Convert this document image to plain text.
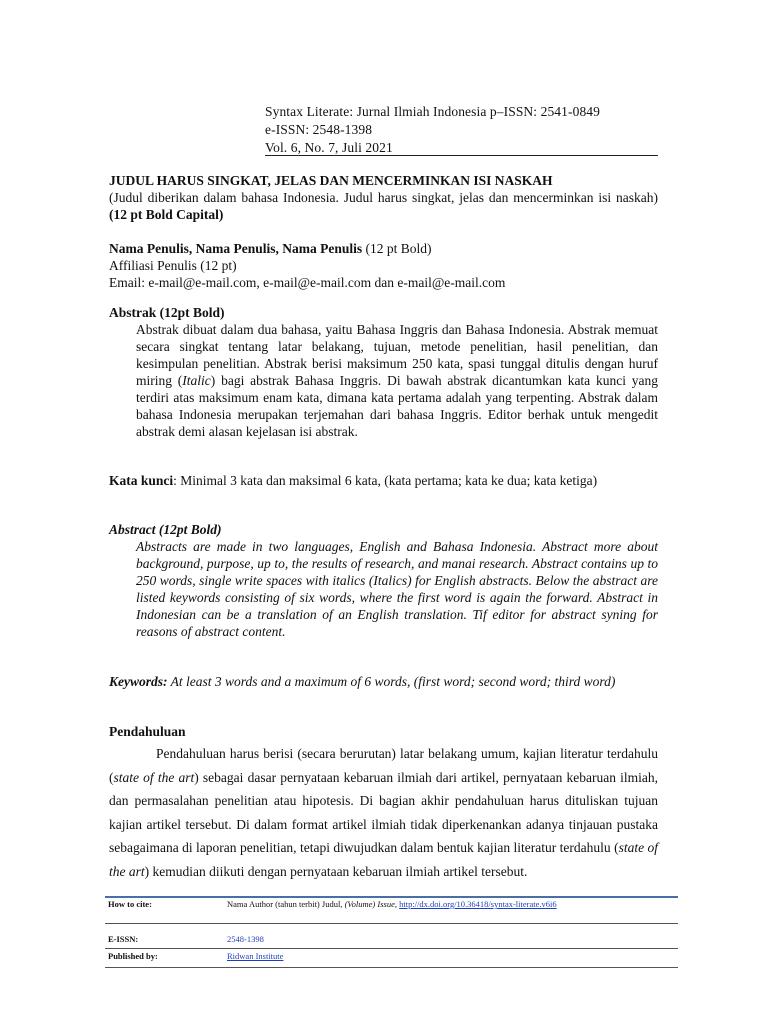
Syntax Literate: Jurnal Ilmiah Indonesia p–ISSN: 2541-0849
e-ISSN: 2548-1398
Vol. 6, No. 7, Juli 2021
JUDUL HARUS SINGKAT, JELAS DAN MENCERMINKAN ISI NASKAH
(Judul diberikan dalam bahasa Indonesia. Judul harus singkat, jelas dan mencerminkan isi naskah) (12 pt Bold Capital)
Nama Penulis, Nama Penulis, Nama Penulis (12 pt Bold)
Affiliasi Penulis (12 pt)
Email: e-mail@e-mail.com, e-mail@e-mail.com dan e-mail@e-mail.com
Abstrak (12pt Bold)
Abstrak dibuat dalam dua bahasa, yaitu Bahasa Inggris dan Bahasa Indonesia. Abstrak memuat secara singkat tentang latar belakang, tujuan, metode penelitian, hasil penelitian, dan kesimpulan penelitian. Abstrak berisi maksimum 250 kata, spasi tunggal ditulis dengan huruf miring (Italic) bagi abstrak Bahasa Inggris. Di bawah abstrak dicantumkan kata kunci yang terdiri atas maksimum enam kata, dimana kata pertama adalah yang terpenting. Abstrak dalam bahasa Indonesia merupakan terjemahan dari bahasa Inggris. Editor berhak untuk mengedit abstrak demi alasan kejelasan isi abstrak.
Kata kunci: Minimal 3 kata dan maksimal 6 kata, (kata pertama; kata ke dua; kata ketiga)
Abstract (12pt Bold)
Abstracts are made in two languages, English and Bahasa Indonesia. Abstract more about background, purpose, up to, the results of research, and manai research. Abstract contains up to 250 words, single write spaces with italics (Italics) for English abstracts. Below the abstract are listed keywords consisting of six words, where the first word is again the forward. Abstract in Indonesian can be a translation of an English translation. Tif editor for abstract syning for reasons of abstract content.
Keywords: At least 3 words and a maximum of 6 words, (first word; second word; third word)
Pendahuluan
Pendahuluan harus berisi (secara berurutan) latar belakang umum, kajian literatur terdahulu (state of the art) sebagai dasar pernyataan kebaruan ilmiah dari artikel, pernyataan kebaruan ilmiah, dan permasalahan penelitian atau hipotesis. Di bagian akhir pendahuluan harus dituliskan tujuan kajian artikel tersebut. Di dalam format artikel ilmiah tidak diperkenankan adanya tinjauan pustaka sebagaimana di laporan penelitian, tetapi diwujudkan dalam bentuk kajian literatur terdahulu (state of the art) kemudian diikuti dengan pernyataan kebaruan ilmiah artikel tersebut.
How to cite:	Nama Author (tahun terbit) Judul, (Volume) Issue, http://dx.doi.org/10.36418/syntax-literate.v6i6
E-ISSN:	2548-1398
Published by:	Ridwan Institute
